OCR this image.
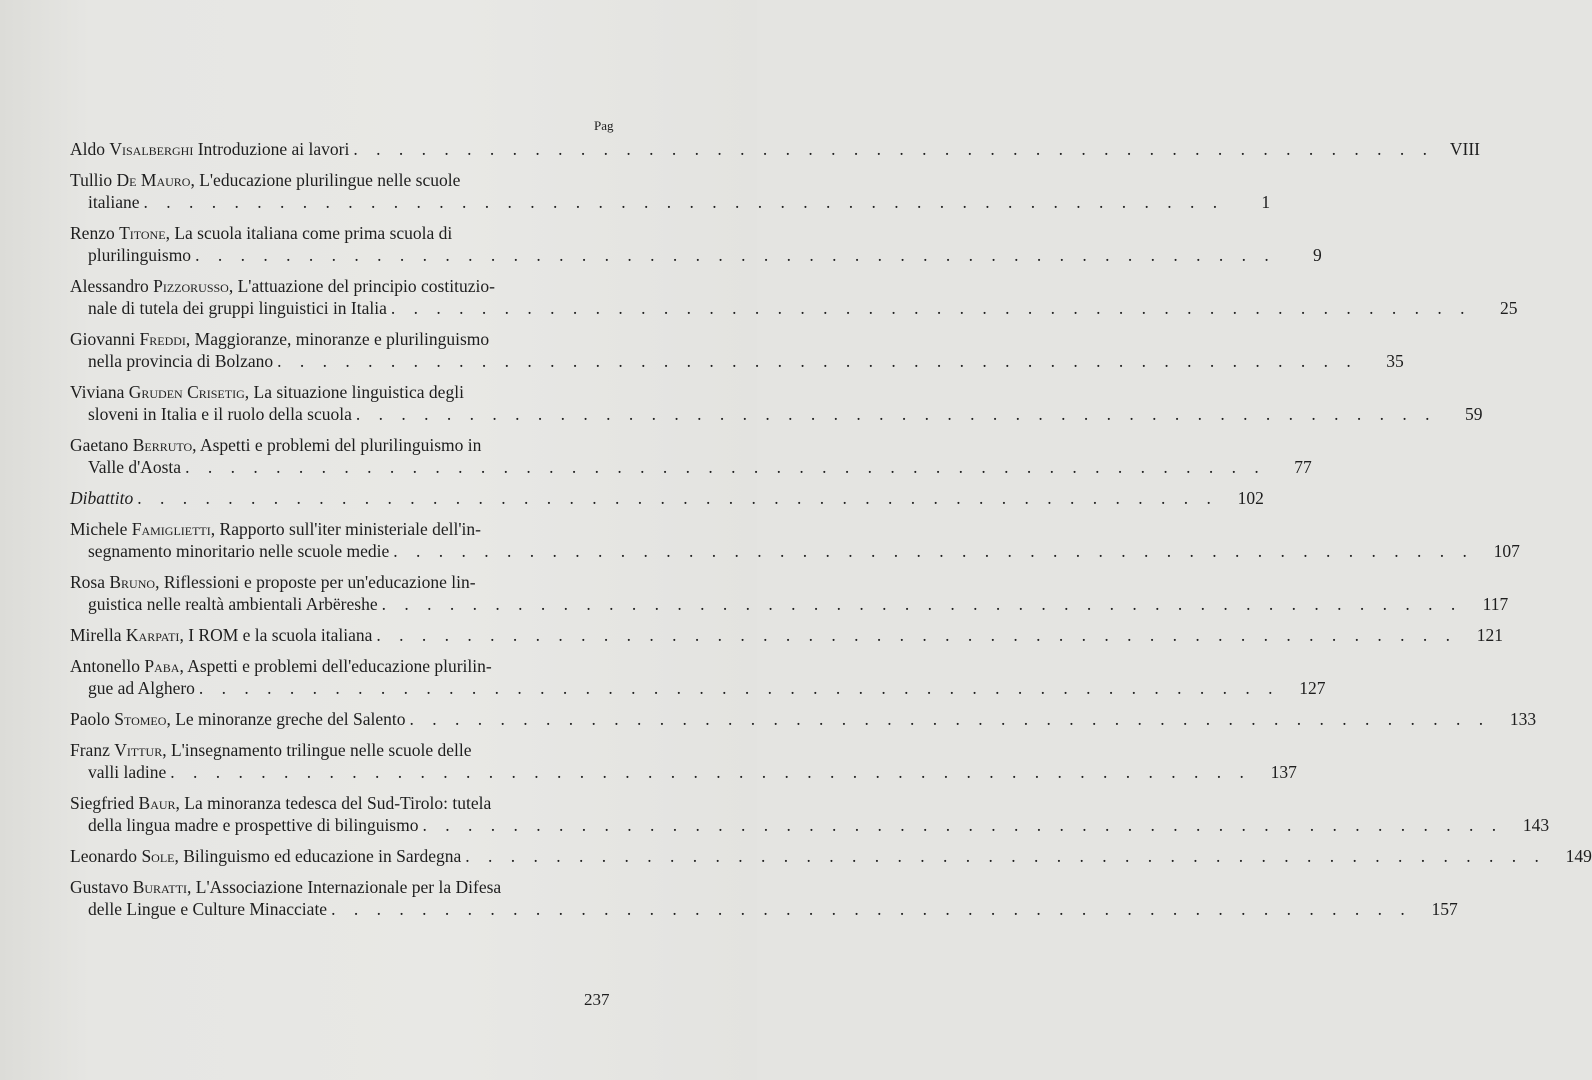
Pag
Aldo Visalberghi Introduzione ai lavori . . . . . . . . . . . . . . . . . . . . . . . . . . . . . . . . . . . . . . . . . . . . . . . . VIII
Tullio De Mauro, L'educazione plurilingue nelle scuole
italiane . . . . . . . . . . . . . . . . . . . . . . . . . . . . . . . . . . . . . . . . . . . . . . . .	1
Renzo Titone, La scuola italiana come prima scuola di
plurilinguismo . . . . . . . . . . . . . . . . . . . . . . . . . . . . . . . . . . . . . . . . . . . . . . . .	9
Alessandro Pizzorusso, L'attuazione del principio costituzio-
nale di tutela dei gruppi linguistici in Italia . . . . . . . . . . . . . . . . . . . . . . . . . . . . . . . . . . . . . . . . . . . . . . . .	25
Giovanni Freddi, Maggioranze, minoranze e plurilinguismo
nella provincia di Bolzano . . . . . . . . . . . . . . . . . . . . . . . . . . . . . . . . . . . . . . . . . . . . . . . .	35
Viviana Gruden Crisetig, La situazione linguistica degli
sloveni in Italia e il ruolo della scuola . . . . . . . . . . . . . . . . . . . . . . . . . . . . . . . . . . . . . . . . . . . . . . . .	59
Gaetano Berruto, Aspetti e problemi del plurilinguismo in
Valle d'Aosta . . . . . . . . . . . . . . . . . . . . . . . . . . . . . . . . . . . . . . . . . . . . . . . .	77
Dibattito . . . . . . . . . . . . . . . . . . . . . . . . . . . . . . . . . . . . . . . . . . . . . . . .	102
Michele Famiglietti, Rapporto sull'iter ministeriale dell'in-
segnamento minoritario nelle scuole medie . . . . . . . . . . . . . . . . . . . . . . . . . . . . . . . . . . . . . . . . . . . . . . . .	107
Rosa Bruno, Riflessioni e proposte per un'educazione lin-
guistica nelle realtà ambientali Arbëreshe . . . . . . . . . . . . . . . . . . . . . . . . . . . . . . . . . . . . . . . . . . . . . . . .	117
Mirella Karpati, I ROM e la scuola italiana . . . . . . . . . . . . . . . . . . . . . . . . . . . . . . . . . . . . . . . . . . . . . . . .	121
Antonello Paba, Aspetti e problemi dell'educazione plurilin-
gue ad Alghero . . . . . . . . . . . . . . . . . . . . . . . . . . . . . . . . . . . . . . . . . . . . . . . .	127
Paolo Stomeo, Le minoranze greche del Salento . . . . . . . . . . . . . . . . . . . . . . . . . . . . . . . . . . . . . . . . . . . . . . . .	133
Franz Vittur, L'insegnamento trilingue nelle scuole delle
valli ladine . . . . . . . . . . . . . . . . . . . . . . . . . . . . . . . . . . . . . . . . . . . . . . . .	137
Siegfried Baur, La minoranza tedesca del Sud-Tirolo: tutela
della lingua madre e prospettive di bilinguismo . . . . . . . . . . . . . . . . . . . . . . . . . . . . . . . . . . . . . . . . . . . . . . . .	143
Leonardo Sole, Bilinguismo ed educazione in Sardegna . . . . . . . . . . . . . . . . . . . . . . . . . . . . . . . . . . . . . . . . . . . . . . . .	149
Gustavo Buratti, L'Associazione Internazionale per la Difesa
delle Lingue e Culture Minacciate . . . . . . . . . . . . . . . . . . . . . . . . . . . . . . . . . . . . . . . . . . . . . . . .	157
237
